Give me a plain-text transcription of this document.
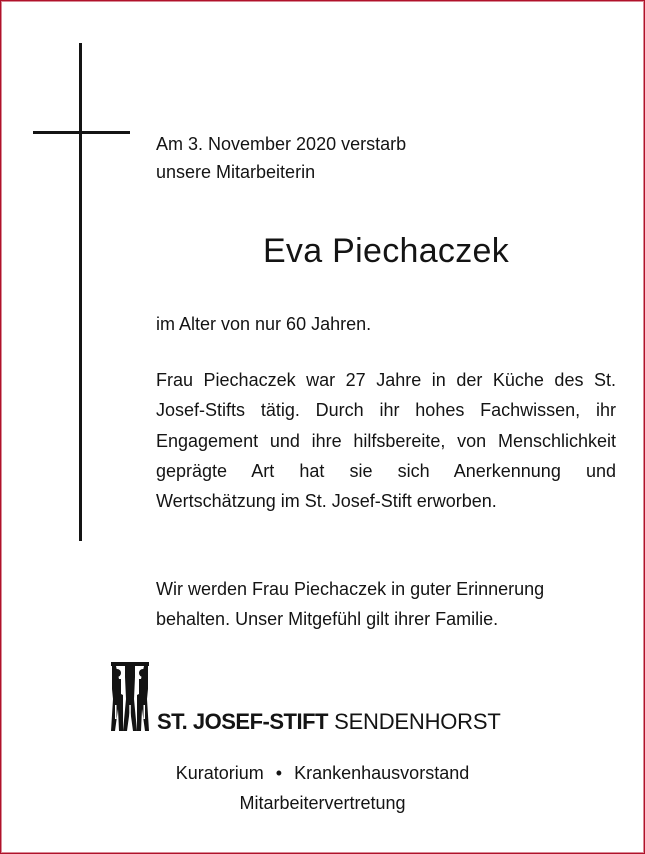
Am 3. November 2020 verstarb

unsere Mitarbeiterin

Eva Piechaczek

im Alter von nur 60 Jahren.

Frau Piechaczek war 27 Jahre in der Küche des St. Josef-Stifts tätig. Durch ihr hohes Fachwissen, ihr Engagement und ihre hilfsbereite, von Menschlichkeit geprägte Art hat sie sich Anerkennung und Wertschätzung im St. Josef-Stift erworben.

Wir werden Frau Piechaczek in guter Erinnerung
behalten. Unser Mitgefühl gilt ihrer Familie.
ST. JOSEF-STIFT SENDENHORST
Kuratorium • Krankenhausvorstand
Mitarbeitervertretung
